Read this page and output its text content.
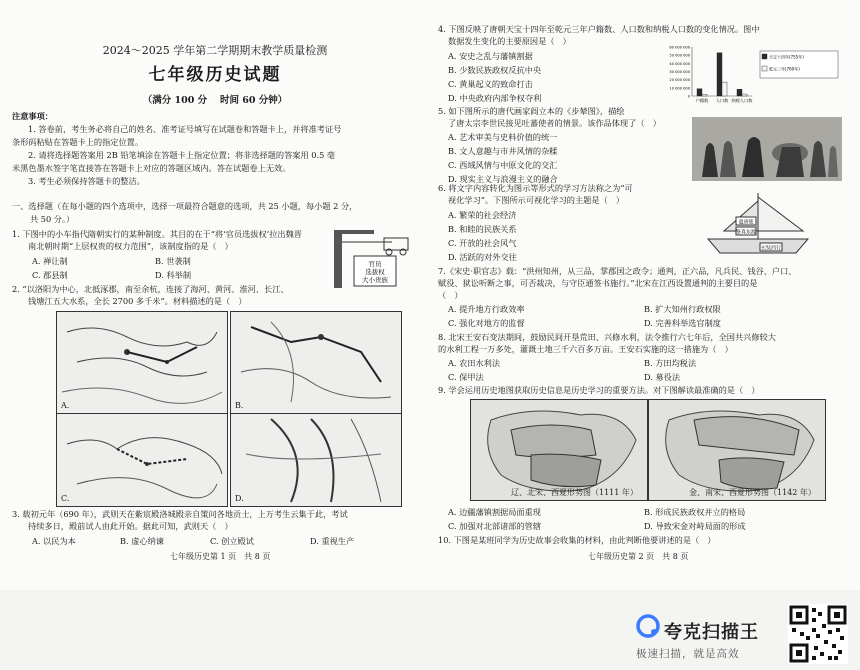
2024～2025 学年第二学期期末教学质量检测
七年级历史试题
（满分 100 分　 时间 60 分钟）
注意事项：
1. 答卷前，考生务必将自己的姓名、准考证号填写在试题卷和答题卡上，并将准考证号
条形码粘贴在答题卡上的指定位置。
2. 请将选择题答案用 2B 铅笔填涂在答题卡上指定位置；将非选择题的答案用 0.5 毫
米黑色墨水签字笔直接答在答题卡上对应的答题区域内。答在试题卷上无效。
3. 考生必须保持答题卡的整洁。
一、选择题（在每小题的四个选项中，选择一项最符合题意的选项，共 25 小题，每小题 2 分，
共 50 分。）
1. 下图中的小车指代隋朝实行的某种制度。其目的在于“将‘官员选拔权’拉出魏晋
南北朝时期“上层权贵的权力范围”，该制度指的是（　）
官员
选拔权
大小贵族
A. 禅让制	B. 世袭制
C. 郡县制	D. 科举制
2. “以洛阳为中心，北抵涿郡，南至余杭，连接了海河、黄河、淮河、长江、
钱塘江五大水系，全长 2700 多千米”。材料描述的是（　）
A.	B.
C.	D.
3. 载初元年（690 年），武则天在紫宸殿洛城殿亲自策问各地贡士，上万考生云集于此，考试
持续多日，殿前试人由此开始。据此可知，武则天（　）
A. 以民为本	B. 虚心纳谏	C. 创立殿试	D. 重视生产
七年级历史第 1 页　共 8 页
4. 下图反映了唐朝天宝十四年至乾元三年户籍数、人口数和纳税人口数的变化情况。图中
数据发生变化的主要原因是（　）
A. 安史之乱与藩镇割据
B. 少数民族政权反抗中央
C. 黄巢起义的致命打击
D. 中央政府内部争权夺利
60 000 000
50 000 000
40 000 000
30 000 000
20 000 000
10 000 000
0
户籍数 人口数 纳税人口数
天宝十四年(755年)
乾元三年(760年)
5. 如下图所示的唐代画家阎立本的《步辇图》，描绘
了唐太宗李世民接见吐蕃使者的情景。该作品体现了（　）
A. 艺术审美与史料价值的统一
B. 文人意趣与市井风情的杂糅
C. 西域风情与中原文化的交汇
D. 现实主义与浪漫主义的融合
6. 将文字内容转化为图示等形式的学习方法称之为“可
视化学习”。下图所示可视化学习的主题是（　）
A. 繁荣的社会经济
B. 和睦的民族关系
C. 开放的社会风气
D. 活跃的对外交往
遣唐使
鉴真东渡
玄奘西行
7.《宋史·职官志》载：“洪州知州，从三品，掌郡国之政令；通判，正六品，凡兵民、钱谷、户口、
赋役、狱讼听断之事，可否裁决，与守臣通签书施行。”北宋在江西设置通判的主要目的是
（　）
A. 提升地方行政效率	B. 扩大知州行政权限
C. 强化对地方的监督	D. 完善科举选官制度
8. 北宋王安石变法期间，鼓励民间开垦荒田、兴修水利，法令推行六七年后，全国共兴修较大
的水利工程一万多处，灌溉土地三千六百多万亩。王安石实施的这一措施为（　）
A. 农田水利法	B. 方田均税法
C. 保甲法	D. 募役法
9. 学会运用历史地图获取历史信息是历史学习的重要方法。对下图解读最准确的是（　）
辽、北宋、西夏形势图（1111 年）	金、南宋、西夏形势图（1142 年）
A. 边疆藩镇割据局面重现	B. 形成民族政权并立的格局
C. 加强对北部诸部的管辖	D. 导致宋金对峙局面的形成
10. 下图是某班同学为历史故事会收集的材料，由此判断他要讲述的是（　）
七年级历史第 2 页　共 8 页
夸克扫描王
极速扫描，就是高效
